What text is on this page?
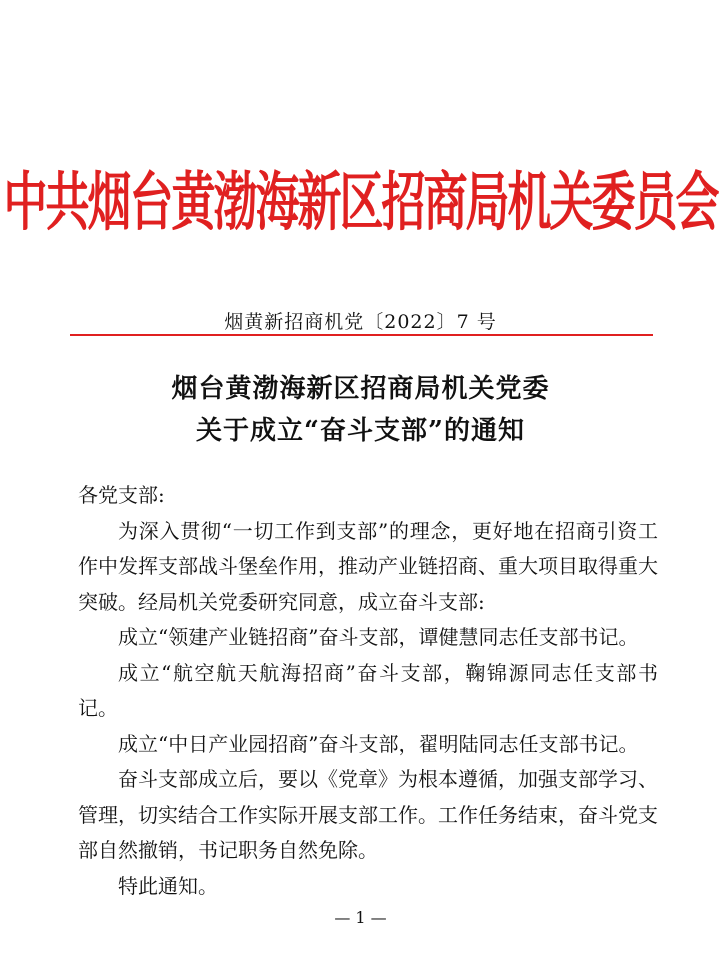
中共烟台黄渤海新区招商局机关委员会
烟黄新招商机党〔2022〕7 号
烟台黄渤海新区招商局机关党委
关于成立“奋斗支部”的通知

各党支部:

为深入贯彻“一切工作到支部”的理念，更好地在招商引资工作中发挥支部战斗堡垒作用，推动产业链招商、重大项目取得重大突破。经局机关党委研究同意，成立奋斗支部:

成立“领建产业链招商”奋斗支部，谭健慧同志任支部书记。

成立“航空航天航海招商”奋斗支部，鞠锦源同志任支部书记。

成立“中日产业园招商”奋斗支部，翟明陆同志任支部书记。

奋斗支部成立后，要以《党章》为根本遵循，加强支部学习、管理，切实结合工作实际开展支部工作。工作任务结束，奋斗党支部自然撤销，书记职务自然免除。

特此通知。

— 1 —
